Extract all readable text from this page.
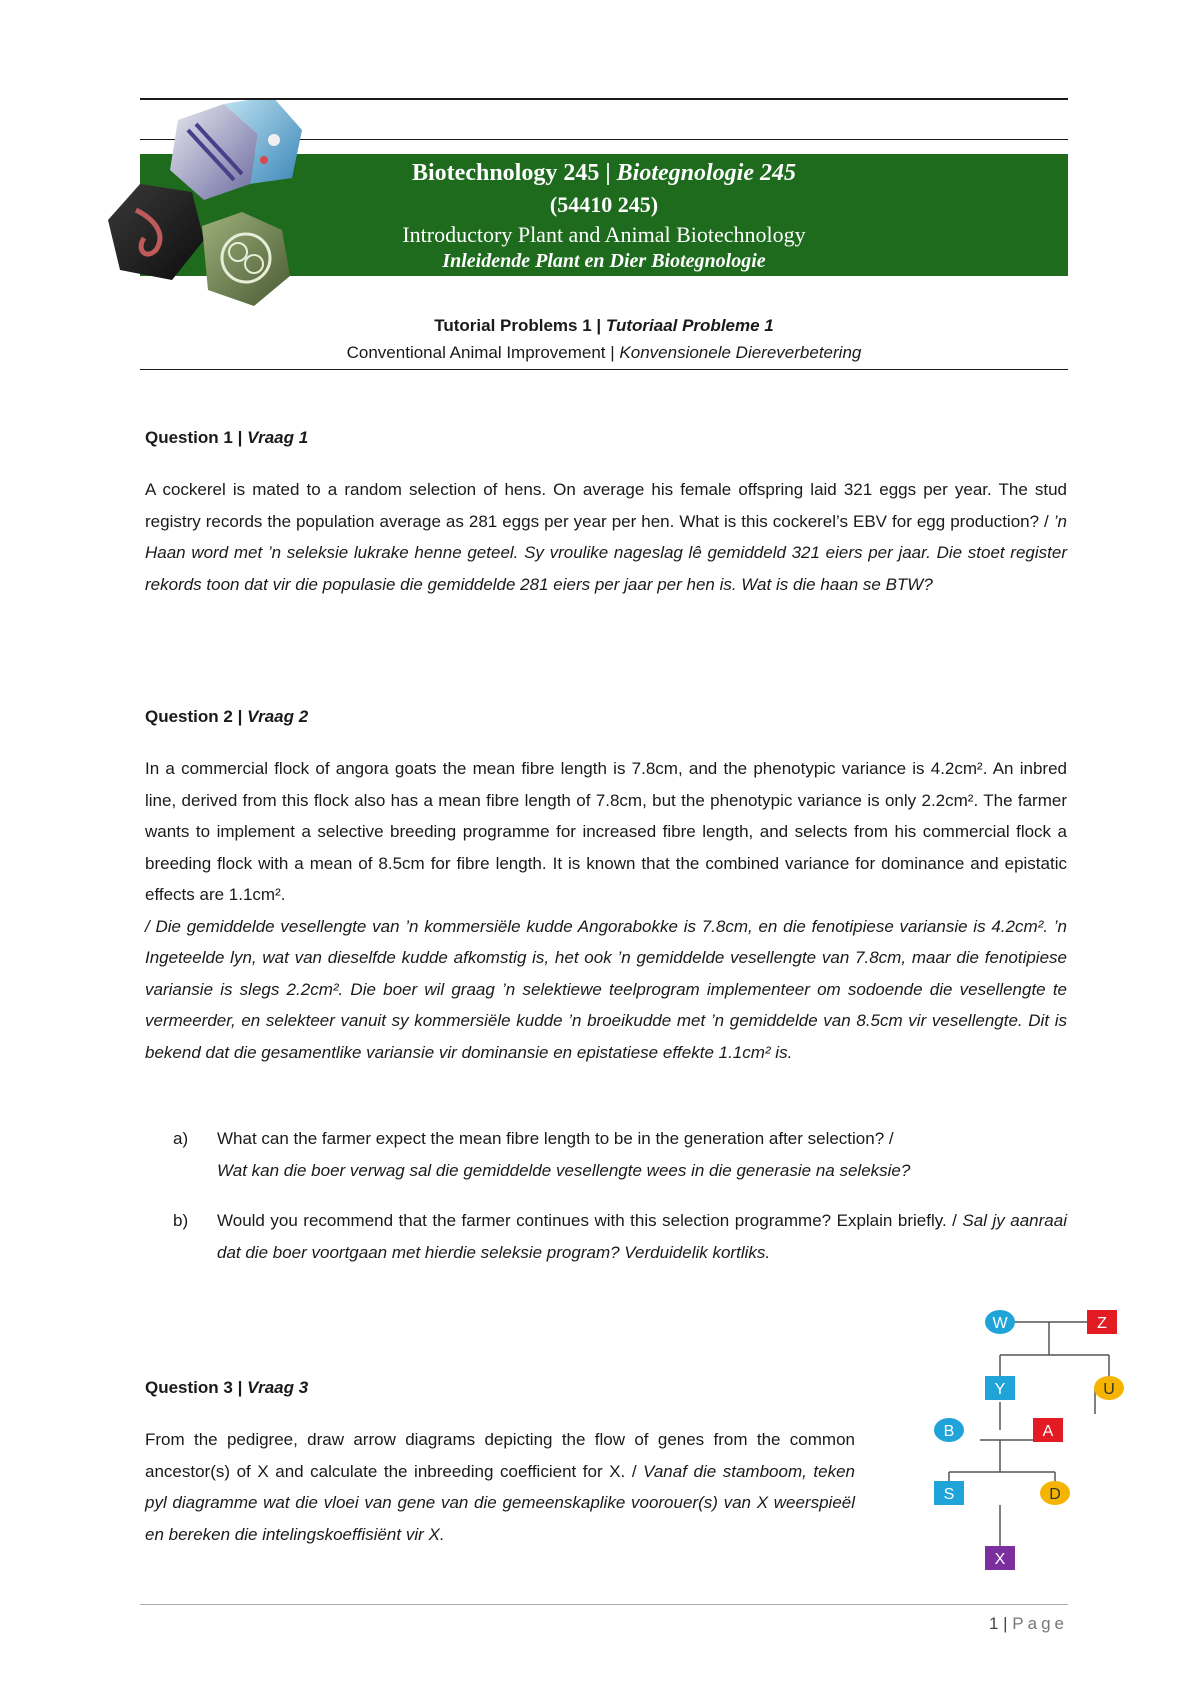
Biotechnology 245 | Biotegnologie 245
(54410 245)
Introductory Plant and Animal Biotechnology
Inleidende Plant en Dier Biotegnologie
Tutorial Problems 1 | Tutoriaal Probleme 1
Conventional Animal Improvement | Konvensionele Diereverbetering
Question 1 | Vraag 1

A cockerel is mated to a random selection of hens. On average his female offspring laid 321 eggs per year. The stud registry records the population average as 281 eggs per year per hen. What is this cockerel’s EBV for egg production? / ’n Haan word met ’n seleksie lukrake henne geteel. Sy vroulike nageslag lê gemiddeld 321 eiers per jaar. Die stoet register rekords toon dat vir die populasie die gemiddelde 281 eiers per jaar per hen is. Wat is die haan se BTW?

Question 2 | Vraag 2

In a commercial flock of angora goats the mean fibre length is 7.8cm, and the phenotypic variance is 4.2cm². An inbred line, derived from this flock also has a mean fibre length of 7.8cm, but the phenotypic variance is only 2.2cm². The farmer wants to implement a selective breeding programme for increased fibre length, and selects from his commercial flock a breeding flock with a mean of 8.5cm for fibre length. It is known that the combined variance for dominance and epistatic effects are 1.1cm².
/ Die gemiddelde vesellengte van ’n kommersiële kudde Angorabokke is 7.8cm, en die fenotipiese variansie is 4.2cm². ’n Ingeteelde lyn, wat van dieselfde kudde afkomstig is, het ook ’n gemiddelde vesellengte van 7.8cm, maar die fenotipiese variansie is slegs 2.2cm². Die boer wil graag ’n selektiewe teelprogram implementeer om sodoende die vesellengte te vermeerder, en selekteer vanuit sy kommersiële kudde ’n broeikudde met ’n gemiddelde van 8.5cm vir vesellengte. Dit is bekend dat die gesamentlike variansie vir dominansie en epistatiese effekte 1.1cm² is.

a) What can the farmer expect the mean fibre length to be in the generation after selection? /
Wat kan die boer verwag sal die gemiddelde vesellengte wees in die generasie na seleksie?
b) Would you recommend that the farmer continues with this selection programme? Explain briefly. / Sal jy aanraai dat die boer voortgaan met hierdie seleksie program? Verduidelik kortliks.
Question 3 | Vraag 3

From the pedigree, draw arrow diagrams depicting the flow of genes from the common ancestor(s) of X and calculate the inbreeding coefficient for X. / Vanaf die stamboom, teken pyl diagramme wat die vloei van gene van die gemeenskaplike voorouer(s) van X weerspieël en bereken die intelingskoeffisiënt vir X.

W	Z
Y	U
B	A
S	D
X
1 | Page
